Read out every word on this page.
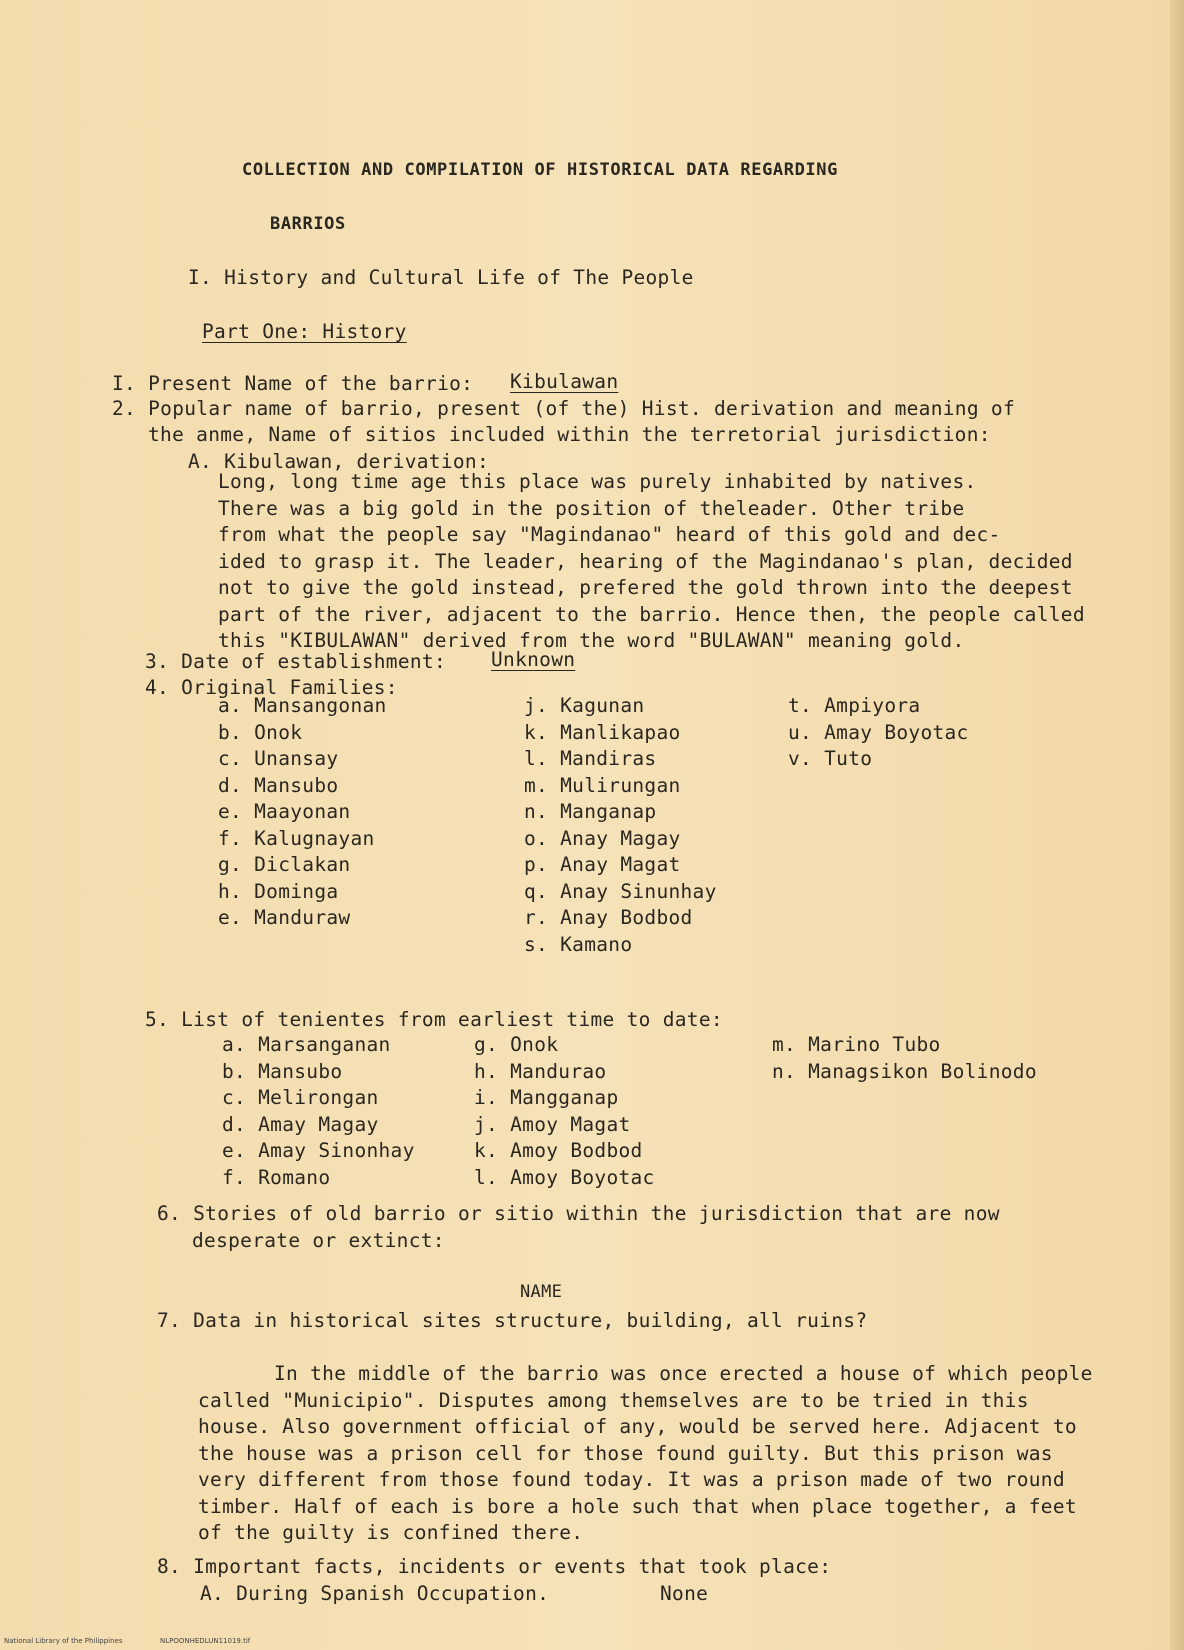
COLLECTION AND COMPILATION OF HISTORICAL DATA REGARDING
BARRIOS
I. History and Cultural Life of The People
Part One: History
I. Present Name of the barrio: Kibulawan
2. Popular name of barrio, present (of the) Hist. derivation and meaning of
the anme, Name of sitios included within the terretorial jurisdiction:
A. Kibulawan, derivation:
Long, long time age this place was purely inhabited by natives.
There was a big gold in the position of theleader. Other tribe
from what the people say "Magindanao" heard of this gold and dec-
ided to grasp it. The leader, hearing of the Magindanao's plan, decided
not to give the gold instead, prefered the gold thrown into the deepest
part of the river, adjacent to the barrio. Hence then, the people called
this "KIBULAWAN" derived from the word "BULAWAN" meaning gold.
3. Date of establishment: Unknown
4. Original Families:
a. Mansangonan
b. Onok
c. Unansay
d. Mansubo
e. Maayonan
f. Kalugnayan
g. Diclakan
h. Dominga
e. Manduraw
j. Kagunan
k. Manlikapao
l. Mandiras
m. Mulirungan
n. Manganap
o. Anay Magay
p. Anay Magat
q. Anay Sinunhay
r. Anay Bodbod
s. Kamano
t. Ampiyora
u. Amay Boyotac
v. Tuto
5. List of tenientes from earliest time to date:
a. Marsanganan
b. Mansubo
c. Melirongan
d. Amay Magay
e. Amay Sinonhay
f. Romano
g. Onok
h. Mandurao
i. Mangganap
j. Amoy Magat
k. Amoy Bodbod
l. Amoy Boyotac
m. Marino Tubo
n. Managsikon Bolinodo
6. Stories of old barrio or sitio within the jurisdiction that are now
desperate or extinct:
NAME
7. Data in historical sites structure, building, all ruins?
In the middle of the barrio was once erected a house of which people
called "Municipio". Disputes among themselves are to be tried in this
house. Also government official of any, would be served here. Adjacent to
the house was a prison cell for those found guilty. But this prison was
very different from those found today. It was a prison made of two round
timber. Half of each is bore a hole such that when place together, a feet
of the guilty is confined there.
8. Important facts, incidents or events that took place:
A. During Spanish Occupation.	None
National Library of the Philippines	NLPOONHEDLUN11019.tif
